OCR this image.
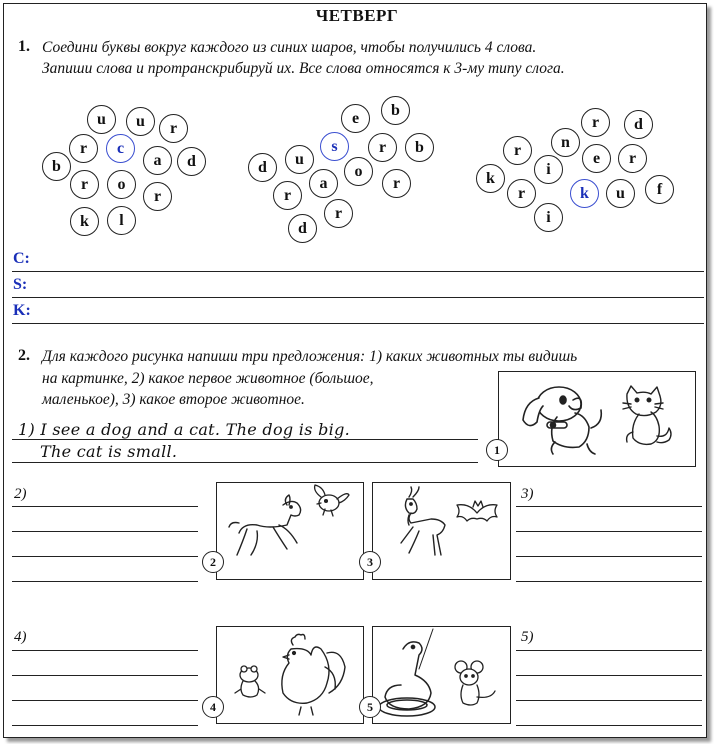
ЧЕТВЕРГ
1. Соедини буквы вокруг каждого из синих шаров, чтобы получились 4 слова.
Запиши слова и протранскрибируй их. Все слова относятся к 3-му типу слога.
u	u	r
b
r	c
a	d
r	o
r
k	l
b
e
s	r	b
d	u
o
r
r
a
r
d
r	d
n
r	e	r
i
k
r	k	u	f
i
C:
S:
K:
2. Для каждого рисунка напиши три предложения: 1) каких животных ты видишь
на картинке, 2) какое первое животное (большое,
маленькое), 3) какое второе животное.
1) I see a dog and a cat. The dog is big.
The cat is small.	1
2	3
4	5
2)	3)
4)	5)
